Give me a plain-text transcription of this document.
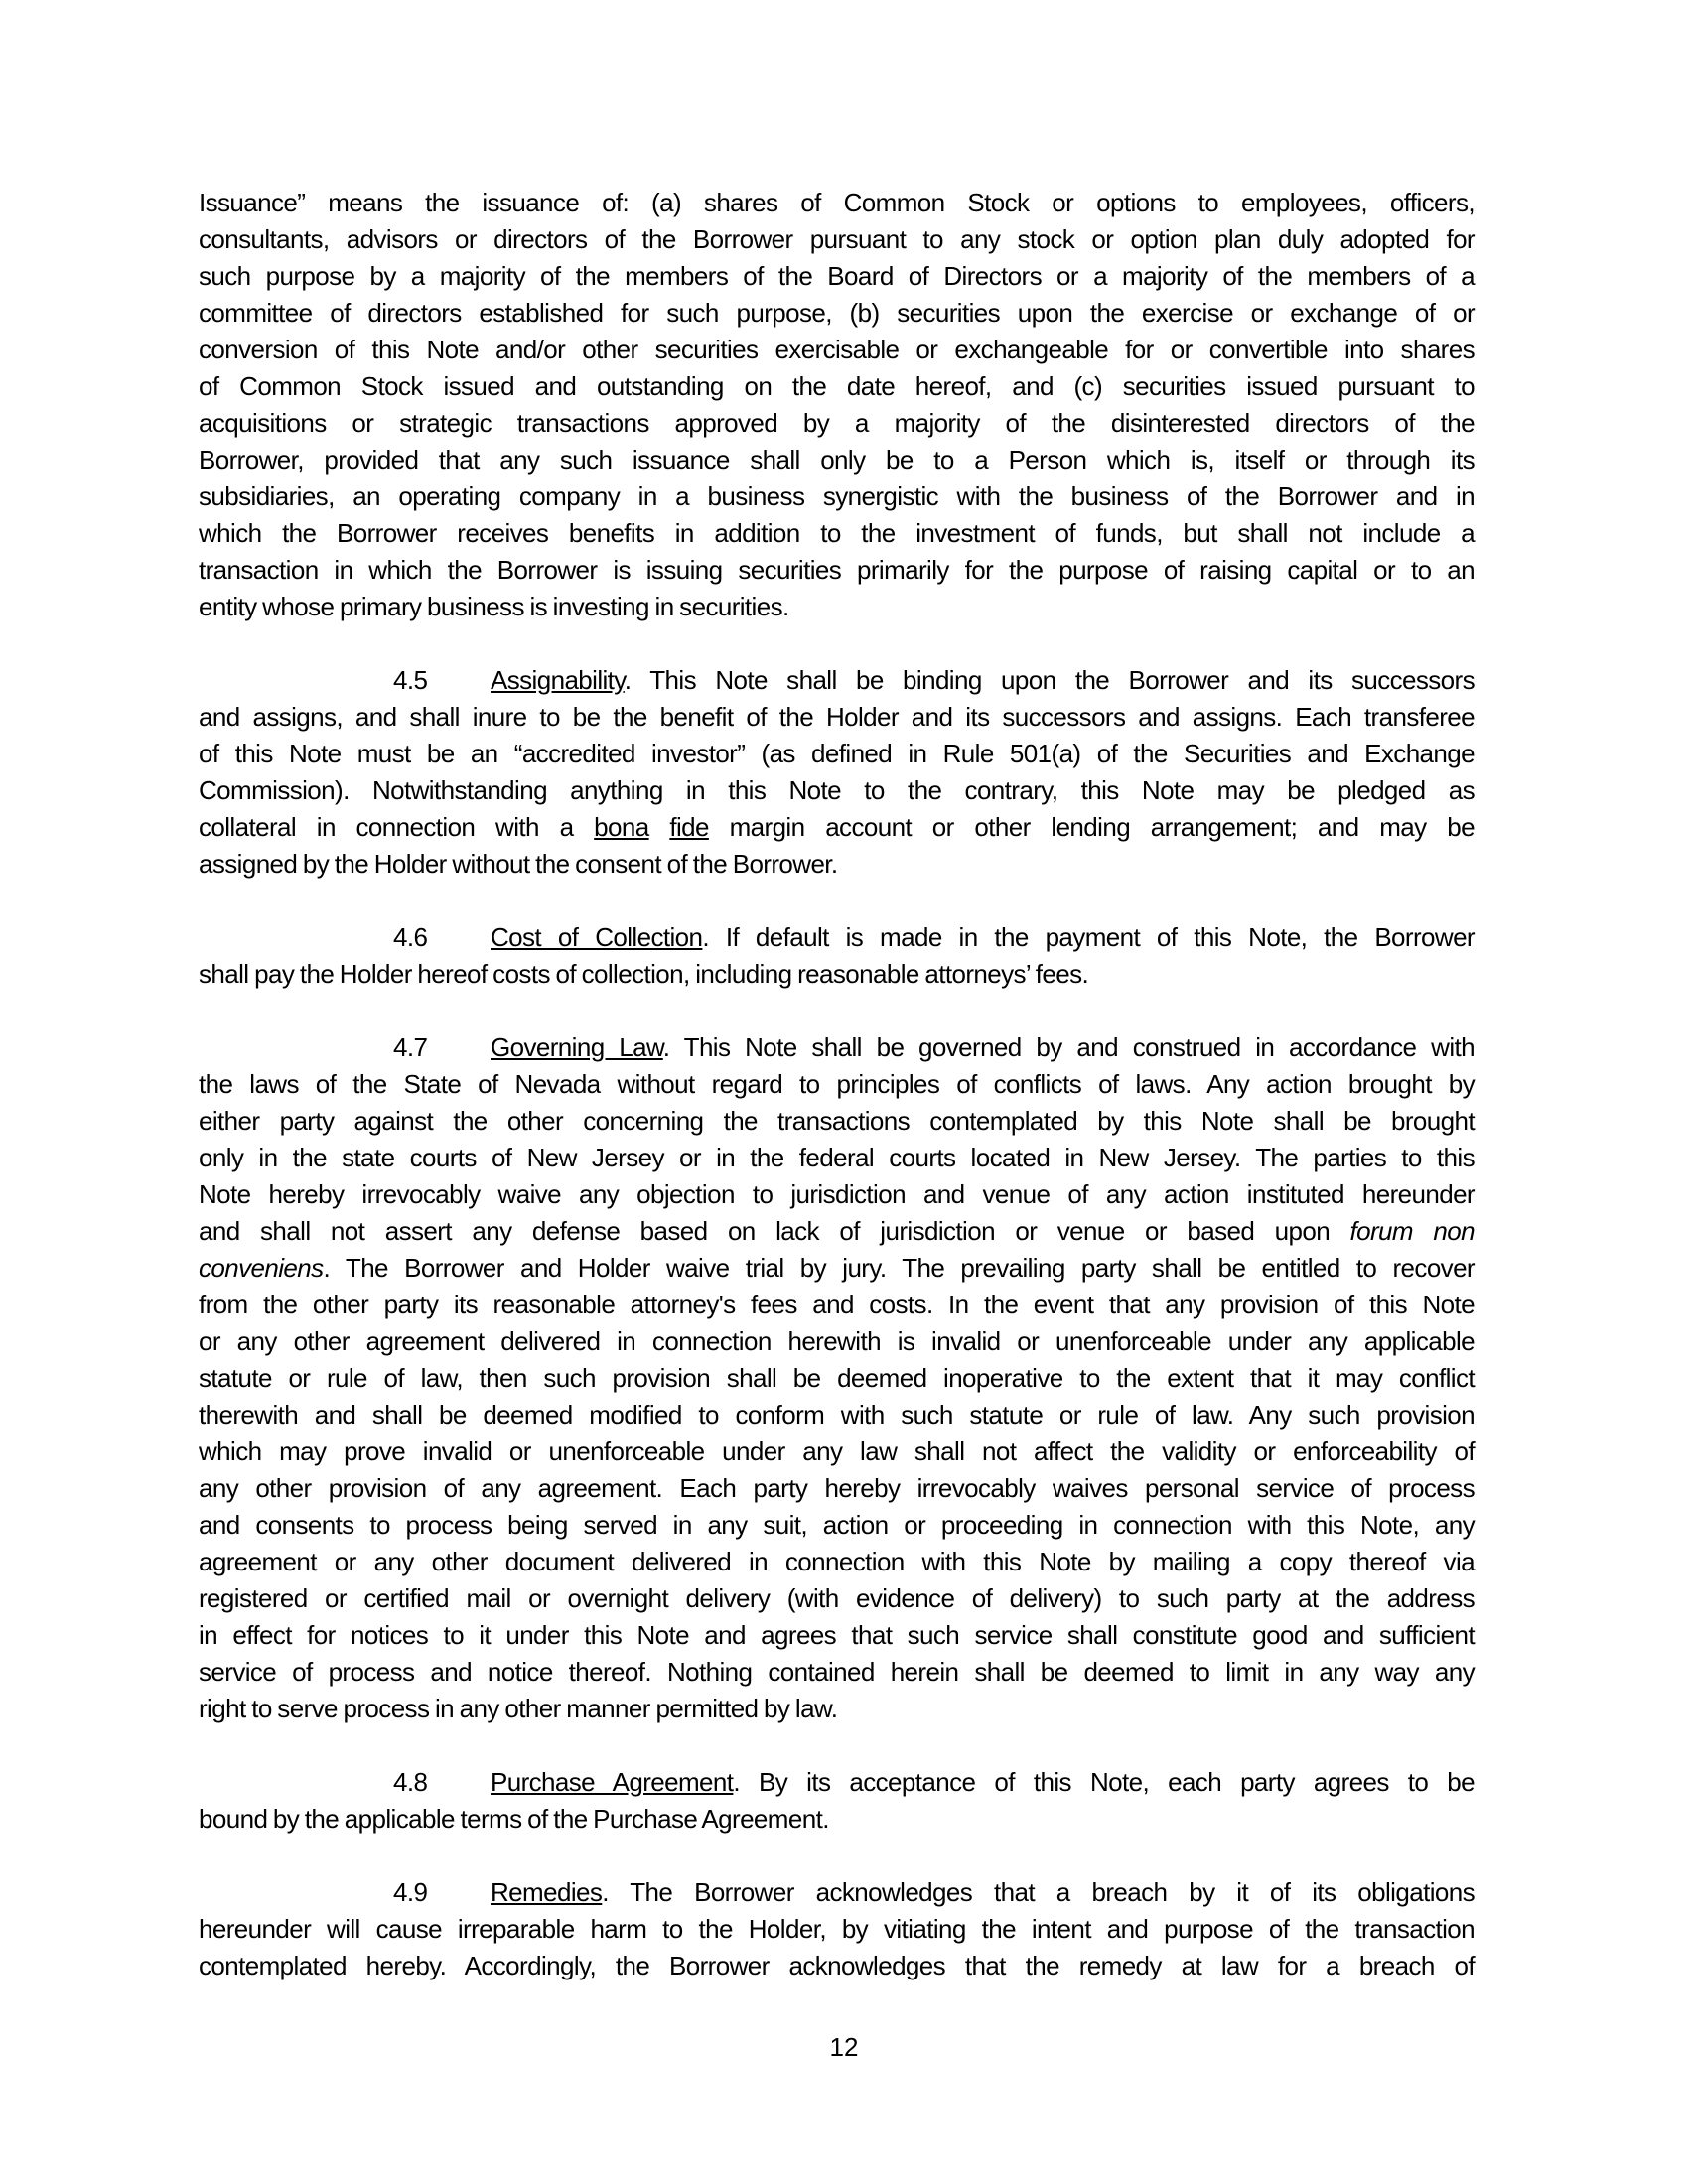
Issuance” means the issuance of: (a) shares of Common Stock or options to employees, officers,
consultants, advisors or directors of the Borrower pursuant to any stock or option plan duly adopted for
such purpose by a majority of the members of the Board of Directors or a majority of the members of a
committee of directors established for such purpose, (b) securities upon the exercise or exchange of or
conversion of this Note and/or other securities exercisable or exchangeable for or convertible into shares
of Common Stock issued and outstanding on the date hereof, and (c) securities issued pursuant to
acquisitions or strategic transactions approved by a majority of the disinterested directors of the
Borrower, provided that any such issuance shall only be to a Person which is, itself or through its
subsidiaries, an operating company in a business synergistic with the business of the Borrower and in
which the Borrower receives benefits in addition to the investment of funds, but shall not include a
transaction in which the Borrower is issuing securities primarily for the purpose of raising capital or to an
entity whose primary business is investing in securities.
4.5 Assignability. This Note shall be binding upon the Borrower and its successors
and assigns, and shall inure to be the benefit of the Holder and its successors and assigns. Each transferee
of this Note must be an “accredited investor” (as defined in Rule 501(a) of the Securities and Exchange
Commission). Notwithstanding anything in this Note to the contrary, this Note may be pledged as
collateral in connection with a bona fide margin account or other lending arrangement; and may be
assigned by the Holder without the consent of the Borrower.
4.6 Cost of Collection. If default is made in the payment of this Note, the Borrower
shall pay the Holder hereof costs of collection, including reasonable attorneys’ fees.
4.7 Governing Law. This Note shall be governed by and construed in accordance with
the laws of the State of Nevada without regard to principles of conflicts of laws. Any action brought by
either party against the other concerning the transactions contemplated by this Note shall be brought
only in the state courts of New Jersey or in the federal courts located in New Jersey. The parties to this
Note hereby irrevocably waive any objection to jurisdiction and venue of any action instituted hereunder
and shall not assert any defense based on lack of jurisdiction or venue or based upon forum non
conveniens. The Borrower and Holder waive trial by jury. The prevailing party shall be entitled to recover
from the other party its reasonable attorney's fees and costs. In the event that any provision of this Note
or any other agreement delivered in connection herewith is invalid or unenforceable under any applicable
statute or rule of law, then such provision shall be deemed inoperative to the extent that it may conflict
therewith and shall be deemed modified to conform with such statute or rule of law. Any such provision
which may prove invalid or unenforceable under any law shall not affect the validity or enforceability of
any other provision of any agreement. Each party hereby irrevocably waives personal service of process
and consents to process being served in any suit, action or proceeding in connection with this Note, any
agreement or any other document delivered in connection with this Note by mailing a copy thereof via
registered or certified mail or overnight delivery (with evidence of delivery) to such party at the address
in effect for notices to it under this Note and agrees that such service shall constitute good and sufficient
service of process and notice thereof. Nothing contained herein shall be deemed to limit in any way any
right to serve process in any other manner permitted by law.
4.8 Purchase Agreement. By its acceptance of this Note, each party agrees to be
bound by the applicable terms of the Purchase Agreement.
4.9 Remedies. The Borrower acknowledges that a breach by it of its obligations
hereunder will cause irreparable harm to the Holder, by vitiating the intent and purpose of the transaction
contemplated hereby. Accordingly, the Borrower acknowledges that the remedy at law for a breach of
12
